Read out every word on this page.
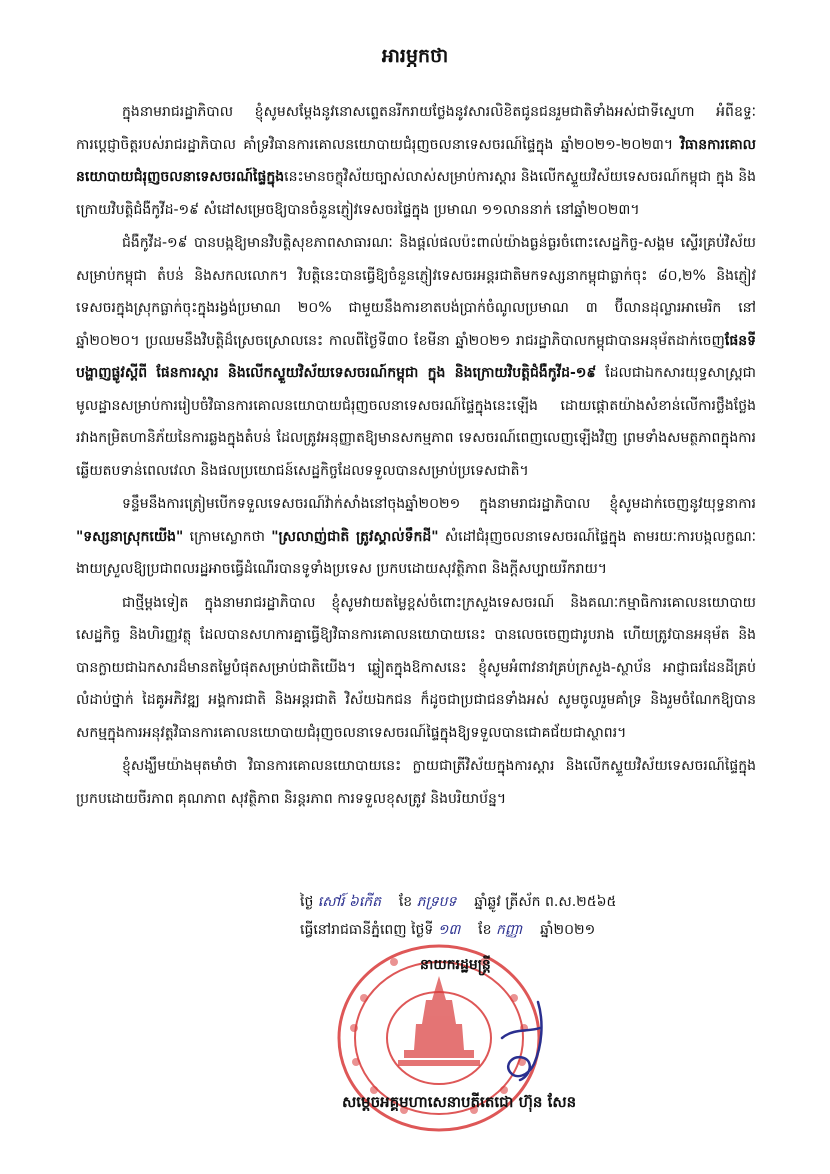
អារម្ភកថា

ក្នុងនាមរាជរដ្ឋាភិបាល ខ្ញុំសូមសម្តែងនូវនោសព្ទេតនរីករាយថ្លែងនូវសារលិខិតជូនជនរួមជាតិទាំងអស់ជាទីស្នេហា អំពីឧទ្ទៈ ការប្តេជ្ញាចិត្តរបស់រាជរដ្ឋាភិបាល គាំទ្រវិធានការគោលនយោបាយជំរុញចលនាទេសចរណ៍ផ្ទៃក្នុង ឆ្នាំ២០២១-២០២៣។ វិធានការគោលនយោបាយជំរុញចលនាទេសចរណ៍ផ្ទៃក្នុងនេះមានចក្ខុវិស័យច្បាស់លាស់សម្រាប់ការស្តារ និងលើកស្ទួយវិស័យទេសចរណ៍កម្ពុជា ក្នុង និងក្រោយវិបត្តិជំងឺកូវីដ-១៩ សំដៅសម្រេចឱ្យបានចំនួនភ្ញៀវទេសចរផ្ទៃក្នុង ប្រមាណ ១១លាននាក់ នៅឆ្នាំ២០២៣។

ជំងឺកូវីដ-១៩ បានបង្កឱ្យមានវិបត្តិសុខភាពសាធារណៈ និងផ្តល់ផលប៉ះពាល់យ៉ាងធ្ងន់ធ្ងរចំពោះសេដ្ឋកិច្ច-សង្គម ស្ទើរគ្រប់វិស័យ សម្រាប់កម្ពុជា តំបន់ និងសកលលោក។ វិបត្តិនេះបានធ្វើឱ្យចំនួនភ្ញៀវទេសចរអន្តរជាតិមកទស្សនាកម្ពុជាធ្លាក់ចុះ ៨០,២% និងភ្ញៀវទេសចរក្នុងស្រុកធ្លាក់ចុះក្នុងរង្វង់ប្រមាណ ២០% ជាមួយនឹងការខាតបង់ប្រាក់ចំណូលប្រមាណ ៣ ប៊ីលានដុល្លារអាមេរិក នៅឆ្នាំ២០២០។ ប្រឈមនឹងវិបត្តិដ៏ស្រេចស្រោលនេះ កាលពីថ្ងៃទី៣០ ខែមីនា ឆ្នាំ២០២១ រាជរដ្ឋាភិបាលកម្ពុជាបានអនុម័តដាក់ចេញផែនទីបង្ហាញផ្លូវស្តីពី ផែនការស្តារ និងលើកស្ទួយវិស័យទេសចរណ៍កម្ពុជា ក្នុង និងក្រោយវិបត្តិជំងឺកូវីដ-១៩ ដែលជាឯកសារយុទ្ធសាស្ត្រជាមូលដ្ឋានសម្រាប់ការរៀបចំវិធានការគោលនយោបាយជំរុញចលនាទេសចរណ៍ផ្ទៃក្នុងនេះឡើង ដោយផ្តោតយ៉ាងសំខាន់លើការថ្លឹងថ្លែង រវាងកម្រិតហានិភ័យនៃការឆ្លងក្នុងតំបន់ ដែលត្រូវអនុញ្ញាតឱ្យមានសកម្មភាព ទេសចរណ៍ពេញលេញឡើងវិញ ព្រមទាំងសមត្ថភាពក្នុងការឆ្លើយតបទាន់ពេលវេលា និងផលប្រយោជន៍សេដ្ឋកិច្ចដែលទទួលបានសម្រាប់ប្រទេសជាតិ។

ទន្ទឹមនឹងការត្រៀមបើកទទួលទេសចរណ៍វ៉ាក់សាំងនៅចុងឆ្នាំ២០២១ ក្នុងនាមរាជរដ្ឋាភិបាល ខ្ញុំសូមដាក់ចេញនូវយុទ្ធនាការ "ទស្សនាស្រុកយើង" ក្រោមស្លោកថា "ស្រលាញ់ជាតិ ត្រូវស្គាល់ទឹកដី" សំដៅជំរុញចលនាទេសចរណ៍ផ្ទៃក្នុង តាមរយៈការបង្កលក្ខណៈងាយស្រួលឱ្យប្រជាពលរដ្ឋអាចធ្វើដំណើរបានទូទាំងប្រទេស ប្រកបដោយសុវត្ថិភាព និងក្តីសប្បាយរីករាយ។

ជាថ្មីម្តងទៀត ក្នុងនាមរាជរដ្ឋាភិបាល ខ្ញុំសូមវាយតម្លៃខ្ពស់ចំពោះក្រសួងទេសចរណ៍ និងគណៈកម្មាធិការគោលនយោបាយសេដ្ឋកិច្ច និងហិរញ្ញវត្ថុ ដែលបានសហការគ្នាធ្វើឱ្យវិធានការគោលនយោបាយនេះ បានលេចចេញជារូបរាង ហើយត្រូវបានអនុម័ត និងបានក្លាយជាឯកសារដ៏មានតម្លៃបំផុតសម្រាប់ជាតិយើង។ ឆ្លៀតក្នុងឱកាសនេះ ខ្ញុំសូមអំពាវនាវគ្រប់ក្រសួង-ស្ថាប័ន អាជ្ញាធរដែនដីគ្រប់លំដាប់ថ្នាក់ ដៃគូអភិវឌ្ឍ អង្គការជាតិ និងអន្តរជាតិ វិស័យឯកជន ក៏ដូចជាប្រជាជនទាំងអស់ សូមចូលរួមគាំទ្រ និងរួមចំណែកឱ្យបានសកម្មក្នុងការអនុវត្តវិធានការគោលនយោបាយជំរុញចលនាទេសចរណ៍ផ្ទៃក្នុងឱ្យទទួលបានជោគជ័យជាស្ថាពរ។

ខ្ញុំសង្ឃឹមយ៉ាងមុតមាំថា វិធានការគោលនយោបាយនេះ ក្លាយជាត្រីវិស័យក្នុងការស្តារ និងលើកស្ទួយវិស័យទេសចរណ៍ផ្ទៃក្នុង ប្រកបដោយចីរភាព គុណភាព សុវត្ថិភាព និរន្តរភាព ការទទួលខុសត្រូវ និងបរិយាប័ន្ន។

ថ្ងៃ សៅរ៍ ៦កើត ខែ ភទ្របទ ឆ្នាំឆ្លូវ ត្រីស័ក ព.ស.២៥៦៥
ធ្វើនៅរាជធានីភ្នំពេញ ថ្ងៃទី ១៣ ខែ កញ្ញា ឆ្នាំ២០២១
នាយករដ្ឋមន្ត្រី
សម្តេចអគ្គមហាសេនាបតីតេជោ ហ៊ុន សែន
